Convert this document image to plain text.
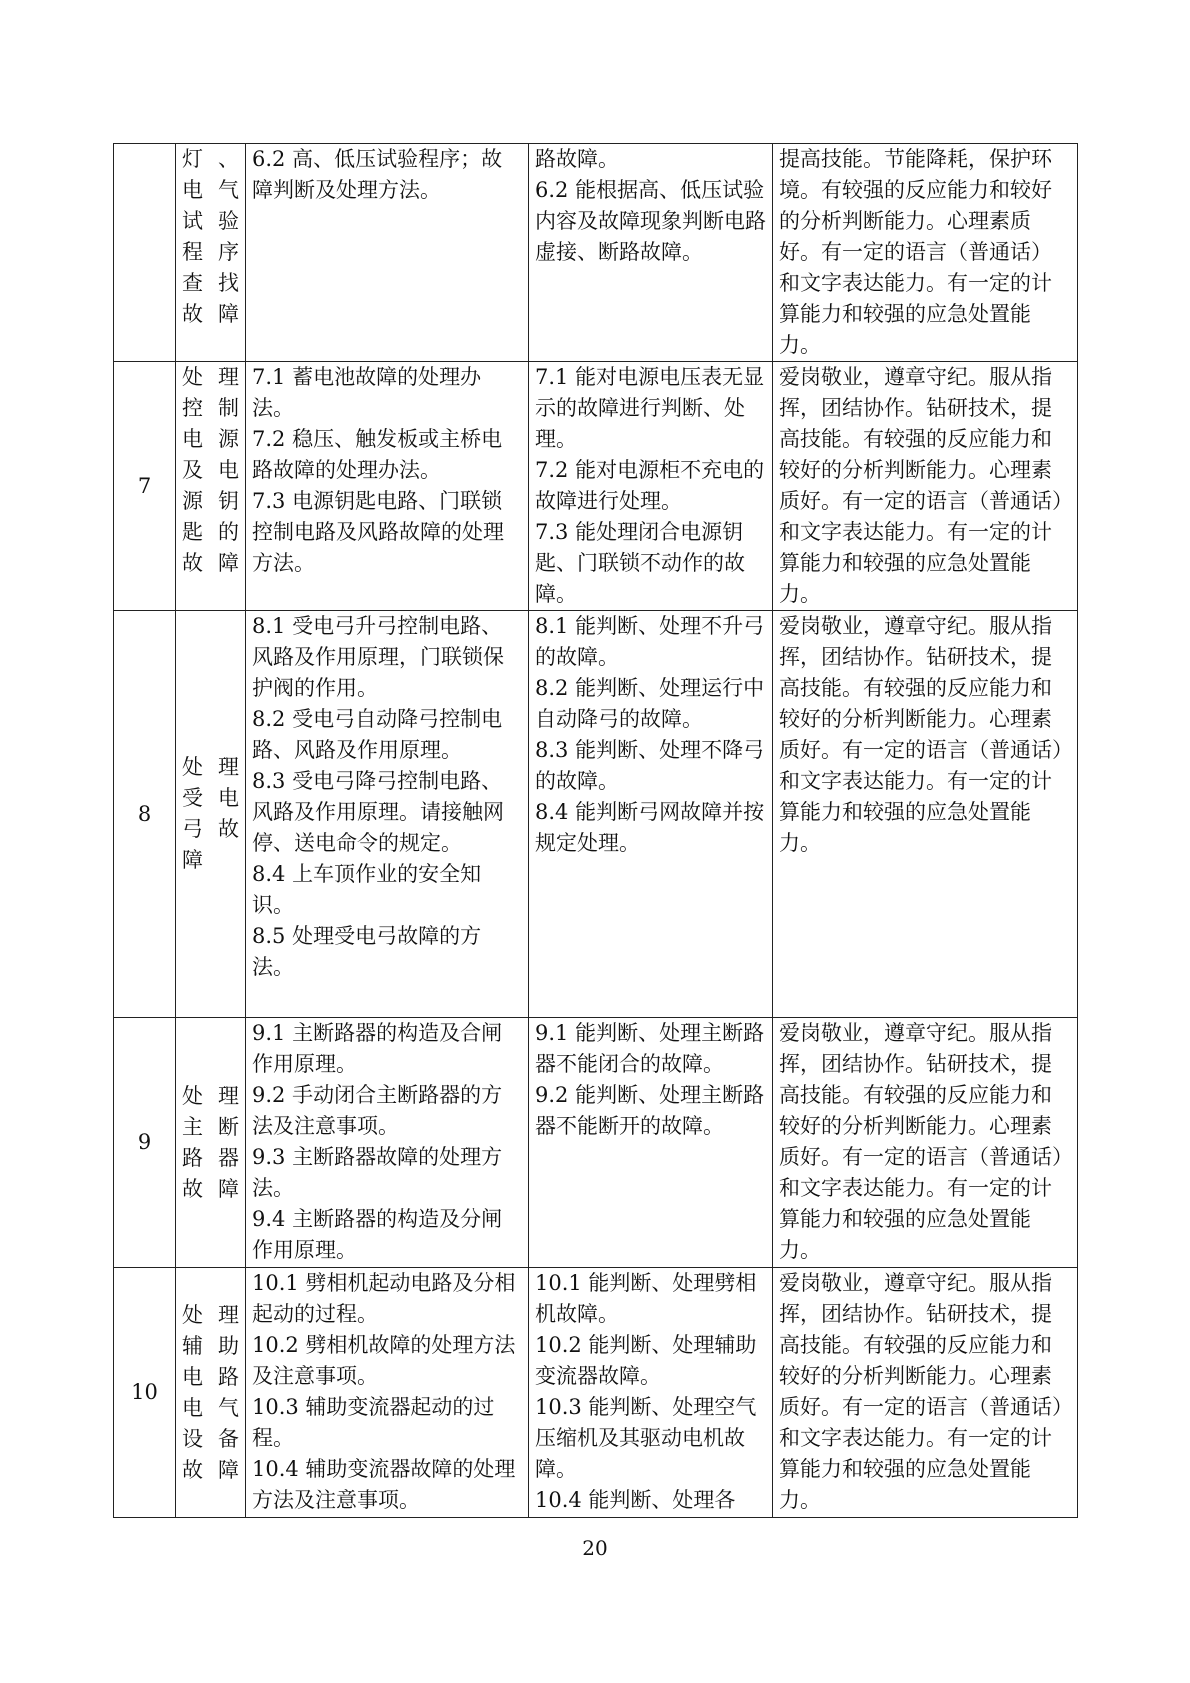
	灯、电气试验程序查找故障	6.2 高、低压试验程序；故障判断及处理方法。	路故障。
6.2 能根据高、低压试验内容及故障现象判断电路虚接、断路故障。	提高技能。节能降耗，保护环境。有较强的反应能力和较好的分析判断能力。心理素质好。有一定的语言（普通话）和文字表达能力。有一定的计算能力和较强的应急处置能力。
7	处理控制电源及电源钥匙的故障	7.1 蓄电池故障的处理办法。
7.2 稳压、触发板或主桥电路故障的处理办法。
7.3 电源钥匙电路、门联锁控制电路及风路故障的处理方法。	7.1 能对电源电压表无显示的故障进行判断、处理。
7.2 能对电源柜不充电的故障进行处理。
7.3 能处理闭合电源钥匙、门联锁不动作的故障。	爱岗敬业，遵章守纪。服从指挥，团结协作。钻研技术，提高技能。有较强的反应能力和较好的分析判断能力。心理素质好。有一定的语言（普通话）和文字表达能力。有一定的计算能力和较强的应急处置能力。
8	处理受电弓故障	8.1 受电弓升弓控制电路、风路及作用原理，门联锁保护阀的作用。
8.2 受电弓自动降弓控制电路、风路及作用原理。
8.3 受电弓降弓控制电路、风路及作用原理。请接触网停、送电命令的规定。
8.4 上车顶作业的安全知识。
8.5 处理受电弓故障的方法。	8.1 能判断、处理不升弓的故障。
8.2 能判断、处理运行中自动降弓的故障。
8.3 能判断、处理不降弓的故障。
8.4 能判断弓网故障并按规定处理。	爱岗敬业，遵章守纪。服从指挥，团结协作。钻研技术，提高技能。有较强的反应能力和较好的分析判断能力。心理素质好。有一定的语言（普通话）和文字表达能力。有一定的计算能力和较强的应急处置能力。
9	处理主断路器故障	9.1 主断路器的构造及合闸作用原理。
9.2 手动闭合主断路器的方法及注意事项。
9.3 主断路器故障的处理方法。
9.4 主断路器的构造及分闸作用原理。	9.1 能判断、处理主断路器不能闭合的故障。
9.2 能判断、处理主断路器不能断开的故障。	爱岗敬业，遵章守纪。服从指挥，团结协作。钻研技术，提高技能。有较强的反应能力和较好的分析判断能力。心理素质好。有一定的语言（普通话）和文字表达能力。有一定的计算能力和较强的应急处置能力。
10	处理辅助电路电气设备故障	10.1 劈相机起动电路及分相起动的过程。
10.2 劈相机故障的处理方法及注意事项。
10.3 辅助变流器起动的过程。
10.4 辅助变流器故障的处理方法及注意事项。	10.1 能判断、处理劈相机故障。
10.2 能判断、处理辅助变流器故障。
10.3 能判断、处理空气压缩机及其驱动电机故障。
10.4 能判断、处理各	爱岗敬业，遵章守纪。服从指挥，团结协作。钻研技术，提高技能。有较强的反应能力和较好的分析判断能力。心理素质好。有一定的语言（普通话）和文字表达能力。有一定的计算能力和较强的应急处置能力。
20
